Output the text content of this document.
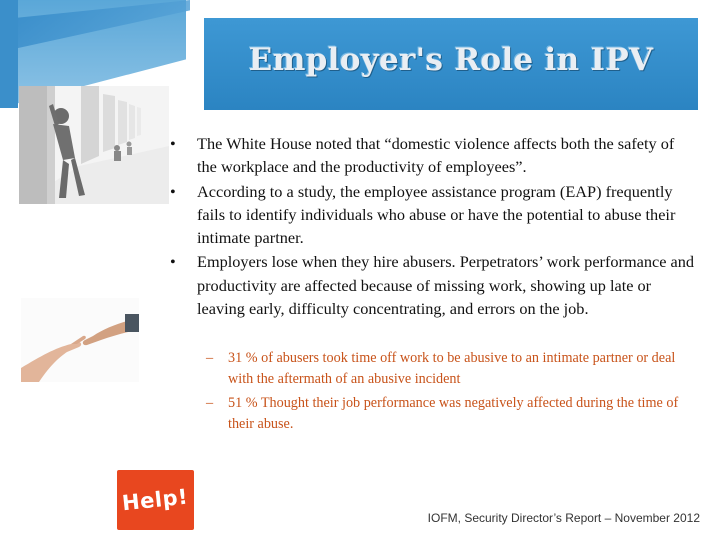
Employer's Role in IPV
• The White House noted that “domestic violence affects both the safety of the workplace and the productivity of employees”.
• According to a study, the employee assistance program (EAP) frequently fails to identify individuals who abuse or have the potential to abuse their intimate partner.
• Employers lose when they hire abusers. Perpetrators’ work performance and productivity are affected because of missing work, showing up late or leaving early, difficulty concentrating, and errors on the job.
– 31 % of abusers took time off work to be abusive to an intimate partner or deal with the aftermath of an abusive incident
– 51 % Thought their job performance was negatively affected during the time of their abuse.
Help!
IOFM, Security Director’s Report – November 2012
